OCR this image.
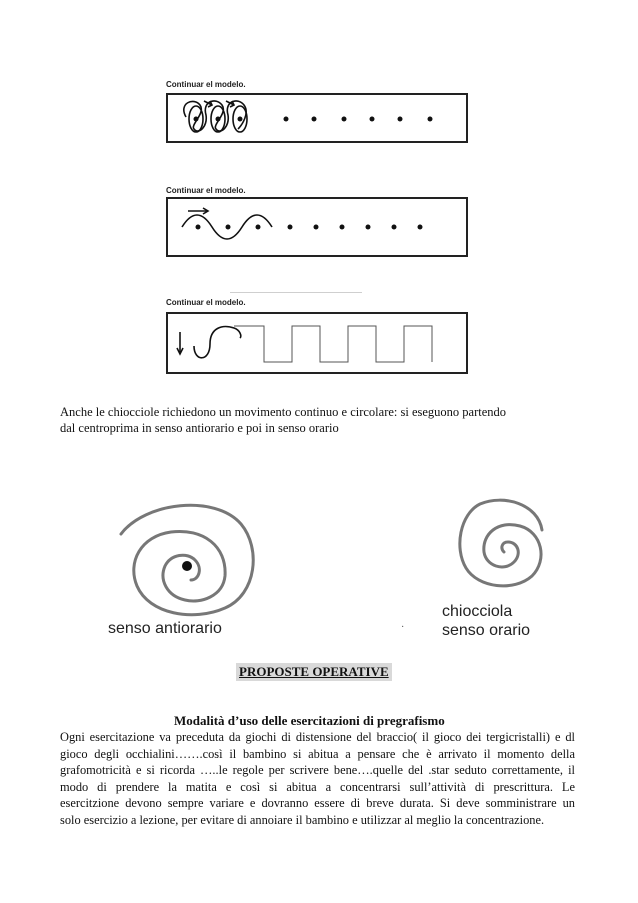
Continuar el modelo.
Continuar el modelo.
Continuar el modelo.
Anche le chiocciole richiedono un movimento continuo e circolare: si eseguono partendo
dal centroprima in senso antiorario e poi in senso orario
senso antiorario	·
chiocciola
senso orario
PROPOSTE OPERATIVE
Modalità d’uso delle esercitazioni di pregrafismo
Ogni esercitazione va preceduta da giochi di distensione del braccio( il gioco dei tergicristalli) e dl
gioco degli occhialini…….così il bambino si abitua a pensare che è arrivato il momento della
grafomotricità e si ricorda …..le regole per scrivere bene….quelle del .star seduto correttamente, il
modo di prendere la matita e così si abitua a concentrarsi sull’attività di prescrittura. Le
esercitzione devono sempre variare e dovranno essere di breve durata. Si deve somministrare un
solo esercizio a lezione, per evitare di annoiare il bambino e utilizzar al meglio la concentrazione.
